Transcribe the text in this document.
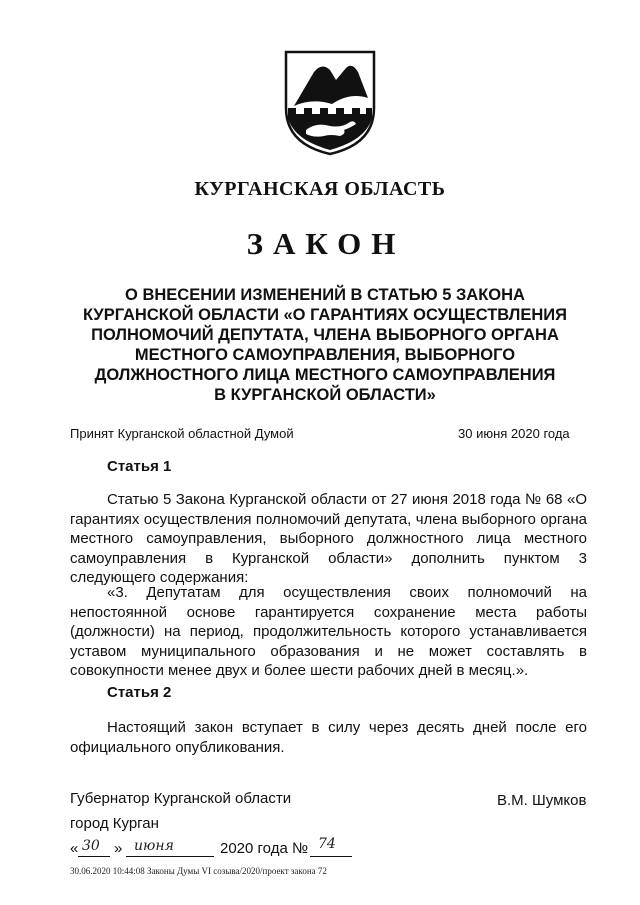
КУРГАНСКАЯ ОБЛАСТЬ
ЗАКОН
О ВНЕСЕНИИ ИЗМЕНЕНИЙ В СТАТЬЮ 5 ЗАКОНА
КУРГАНСКОЙ ОБЛАСТИ «О ГАРАНТИЯХ ОСУЩЕСТВЛЕНИЯ
ПОЛНОМОЧИЙ ДЕПУТАТА, ЧЛЕНА ВЫБОРНОГО ОРГАНА
МЕСТНОГО САМОУПРАВЛЕНИЯ, ВЫБОРНОГО
ДОЛЖНОСТНОГО ЛИЦА МЕСТНОГО САМОУПРАВЛЕНИЯ
В КУРГАНСКОЙ ОБЛАСТИ»
Принят Курганской областной Думой	30 июня 2020 года
Статья 1
Статью 5 Закона Курганской области от 27 июня 2018 года № 68 «О гарантиях осуществления полномочий депутата, члена выборного органа местного самоуправления, выборного должностного лица местного самоуправления в Курганской области» дополнить пунктом 3 следующего содержания:
«3. Депутатам для осуществления своих полномочий на непостоянной основе гарантируется сохранение места работы (должности) на период, продолжительность которого устанавливается уставом муниципального образования и не может составлять в совокупности менее двух и более шести рабочих дней в месяц.».
Статья 2
Настоящий закон вступает в силу через десять дней после его официального опубликования.
Губернатор Курганской области	В.М. Шумков
город Курган
« 30 » июня	2020 года № 74
30.06.2020 10:44:08 Законы Думы VI созыва/2020/проект закона 72
